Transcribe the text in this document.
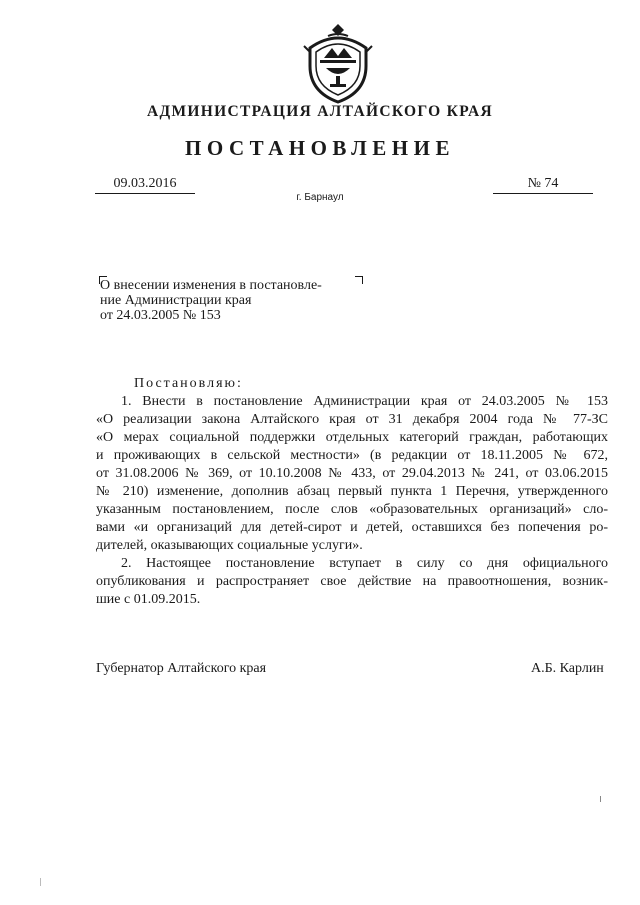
АДМИНИСТРАЦИЯ АЛТАЙСКОГО КРАЯ
ПОСТАНОВЛЕНИЕ
09.03.2016	№ 74
г. Барнаул
О внесении изменения в постановле-
ние Администрации края
от 24.03.2005 № 153
Постановляю:
1. Внести в постановление Администрации края от 24.03.2005 № 153
«О реализации закона Алтайского края от 31 декабря 2004 года № 77-ЗС
«О мерах социальной поддержки отдельных категорий граждан, работающих
и проживающих в сельской местности» (в редакции от 18.11.2005 № 672,
от 31.08.2006 № 369, от 10.10.2008 № 433, от 29.04.2013 № 241, от 03.06.2015
№ 210) изменение, дополнив абзац первый пункта 1 Перечня, утвержденного
указанным постановлением, после слов «образовательных организаций» сло-
вами «и организаций для детей-сирот и детей, оставшихся без попечения ро-
дителей, оказывающих социальные услуги».
2. Настоящее постановление вступает в силу со дня официального
опубликования и распространяет свое действие на правоотношения, возник-
шие с 01.09.2015.
Губернатор Алтайского края	А.Б. Карлин
